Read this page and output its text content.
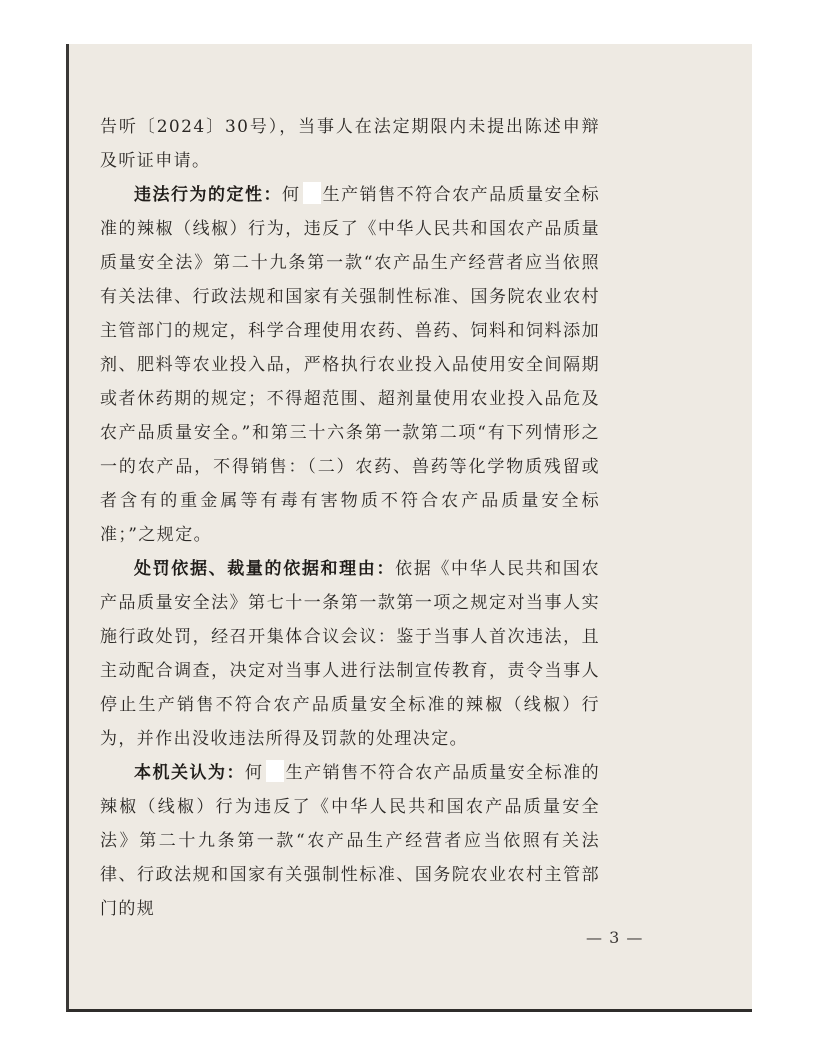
告听〔2024〕30号），当事人在法定期限内未提出陈述申辩及听证申请。

违法行为的定性：何 生产销售不符合农产品质量安全标准的辣椒（线椒）行为，违反了《中华人民共和国农产品质量质量安全法》第二十九条第一款“农产品生产经营者应当依照有关法律、行政法规和国家有关强制性标准、国务院农业农村主管部门的规定，科学合理使用农药、兽药、饲料和饲料添加剂、肥料等农业投入品，严格执行农业投入品使用安全间隔期或者休药期的规定；不得超范围、超剂量使用农业投入品危及农产品质量安全。”和第三十六条第一款第二项“有下列情形之一的农产品，不得销售：（二）农药、兽药等化学物质残留或者含有的重金属等有毒有害物质不符合农产品质量安全标准；”之规定。

处罚依据、裁量的依据和理由：依据《中华人民共和国农产品质量安全法》第七十一条第一款第一项之规定对当事人实施行政处罚，经召开集体合议会议：鉴于当事人首次违法，且主动配合调查，决定对当事人进行法制宣传教育，责令当事人停止生产销售不符合农产品质量安全标准的辣椒（线椒）行为，并作出没收违法所得及罚款的处理决定。

本机关认为：何 生产销售不符合农产品质量安全标准的辣椒（线椒）行为违反了《中华人民共和国农产品质量安全法》第二十九条第一款“农产品生产经营者应当依照有关法律、行政法规和国家有关强制性标准、国务院农业农村主管部门的规

— 3 —
